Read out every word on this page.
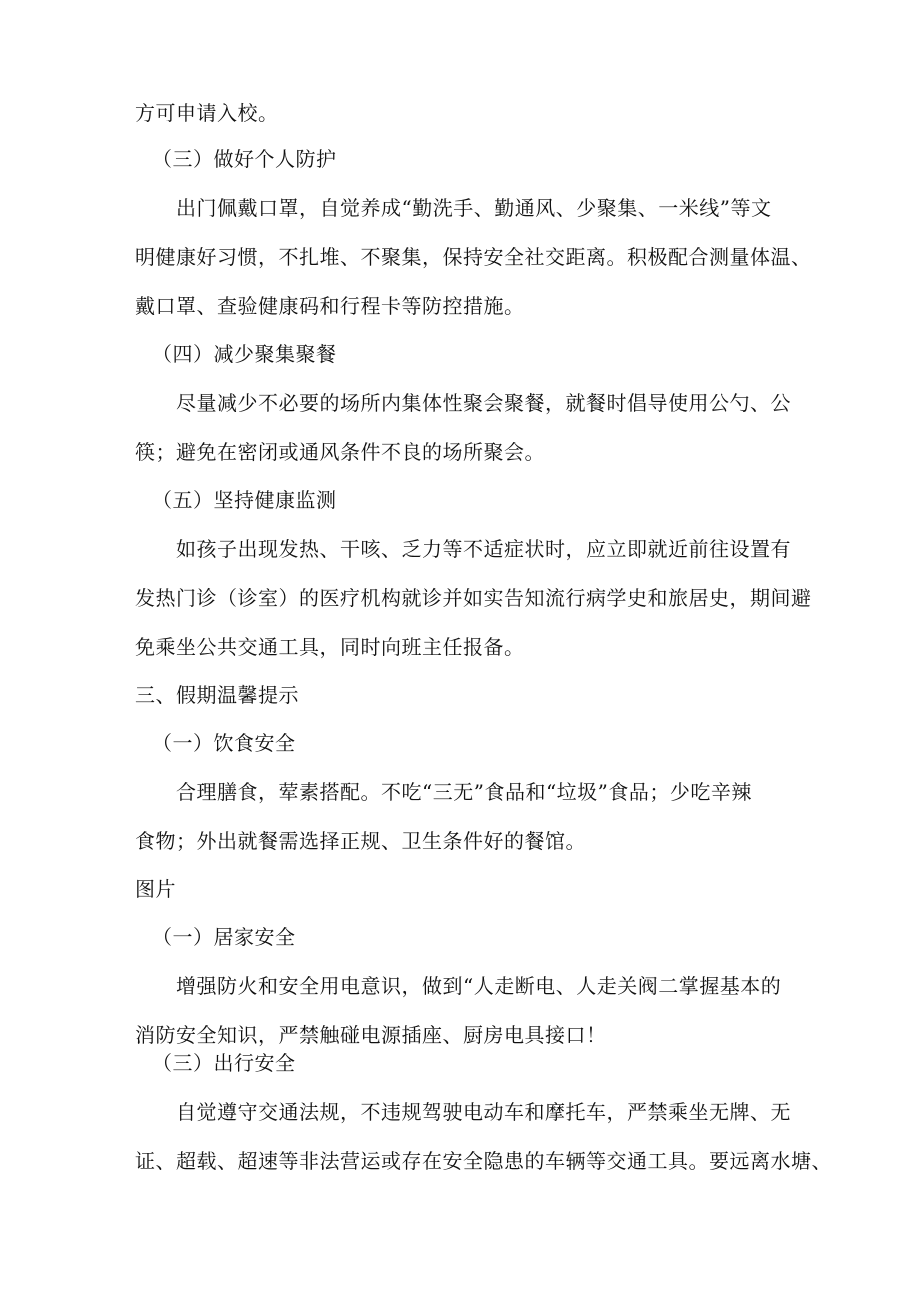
方可申请入校。
（三）做好个人防护
出门佩戴口罩，自觉养成“勤洗手、勤通风、少聚集、一米线”等文
明健康好习惯，不扎堆、不聚集，保持安全社交距离。积极配合测量体温、
戴口罩、查验健康码和行程卡等防控措施。
（四）减少聚集聚餐
尽量减少不必要的场所内集体性聚会聚餐，就餐时倡导使用公勺、公
筷；避免在密闭或通风条件不良的场所聚会。
（五）坚持健康监测
如孩子出现发热、干咳、乏力等不适症状时，应立即就近前往设置有
发热门诊（诊室）的医疗机构就诊并如实告知流行病学史和旅居史，期间避
免乘坐公共交通工具，同时向班主任报备。
三、假期温馨提示
（一）饮食安全
合理膳食，荤素搭配。不吃“三无”食品和“垃圾”食品；少吃辛辣
食物；外出就餐需选择正规、卫生条件好的餐馆。
图片
（一）居家安全
增强防火和安全用电意识，做到“人走断电、人走关阀二掌握基本的
消防安全知识，严禁触碰电源插座、厨房电具接口！
（三）出行安全
自觉遵守交通法规，不违规驾驶电动车和摩托车，严禁乘坐无牌、无
证、超载、超速等非法营运或存在安全隐患的车辆等交通工具。要远离水塘、
